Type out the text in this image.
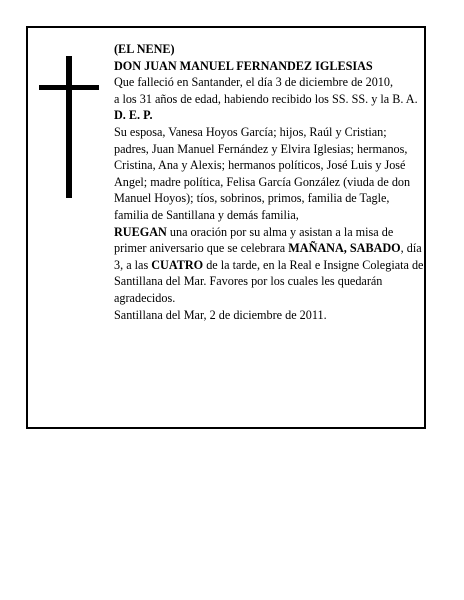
(EL NENE)

DON JUAN MANUEL FERNANDEZ IGLESIAS

Que falleció en Santander, el día 3 de diciembre de 2010,

a los 31 años de edad, habiendo recibido los SS. SS. y la B. A.

D. E. P.

Su esposa, Vanesa Hoyos García; hijos, Raúl y Cristian; padres, Juan Manuel Fernández y Elvira Iglesias; hermanos, Cristina, Ana y Alexis; hermanos políticos, José Luis y José Angel; madre política, Felisa García González (viuda de don Manuel Hoyos); tíos, sobrinos, primos, familia de Tagle, familia de Santillana y demás familia,

RUEGAN una oración por su alma y asistan a la misa de primer aniversario que se celebrara MAÑANA, SABADO, día 3, a las CUATRO de la tarde, en la Real e Insigne Colegiata de Santillana del Mar. Favores por los cuales les quedarán agradecidos.

Santillana del Mar, 2 de diciembre de 2011.
